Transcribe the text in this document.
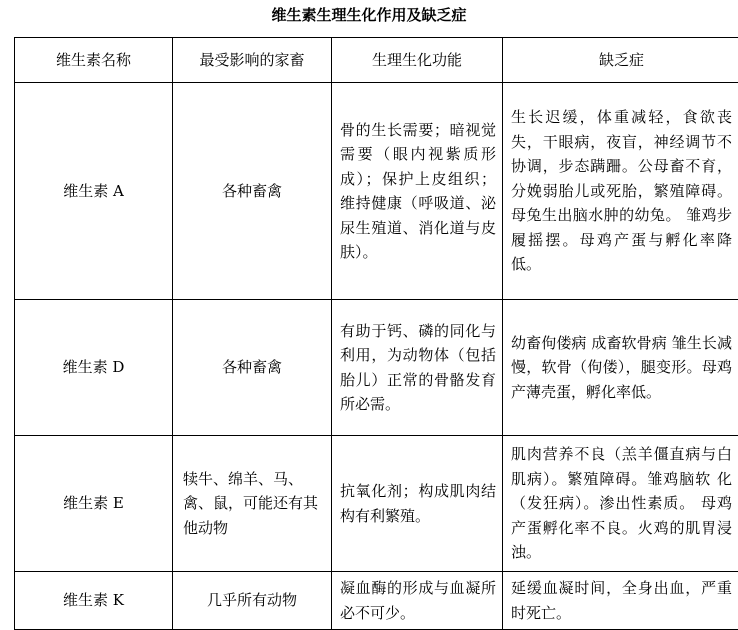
维生素生理生化作用及缺乏症
维生素名称	最受影响的家畜	生理生化功能	缺乏症
维生素 A	各种畜禽	骨的生长需要；暗视觉需要（眼内视紫质形成）；保护上皮组织；维持健康（呼吸道、泌尿生殖道、消化道与皮肤）。	生长迟缓，体重减轻，食欲丧失，干眼病，夜盲，神经调节不协调，步态蹒跚。公母畜不育，分娩弱胎儿或死胎，繁殖障碍。母兔生出脑水肿的幼兔。 雏鸡步履摇摆。母鸡产蛋与孵化率降低。
维生素 D	各种畜禽	有助于钙、磷的同化与利用，为动物体（包括胎儿）正常的骨骼发育所必需。	幼畜佝偻病 成畜软骨病 雏生长减慢，软骨（佝偻），腿变形。母鸡产薄壳蛋，孵化率低。
维生素 E	犊牛、绵羊、马、禽、鼠，可能还有其他动物	抗氧化剂；构成肌肉结构有利繁殖。	肌肉营养不良（羔羊僵直病与白肌病）。繁殖障碍。雏鸡脑软 化（发狂病）。渗出性素质。 母鸡产蛋孵化率不良。火鸡的肌胃浸浊。
维生素 K	几乎所有动物	凝血酶的形成与血凝所必不可少。	延缓血凝时间，全身出血，严重时死亡。
